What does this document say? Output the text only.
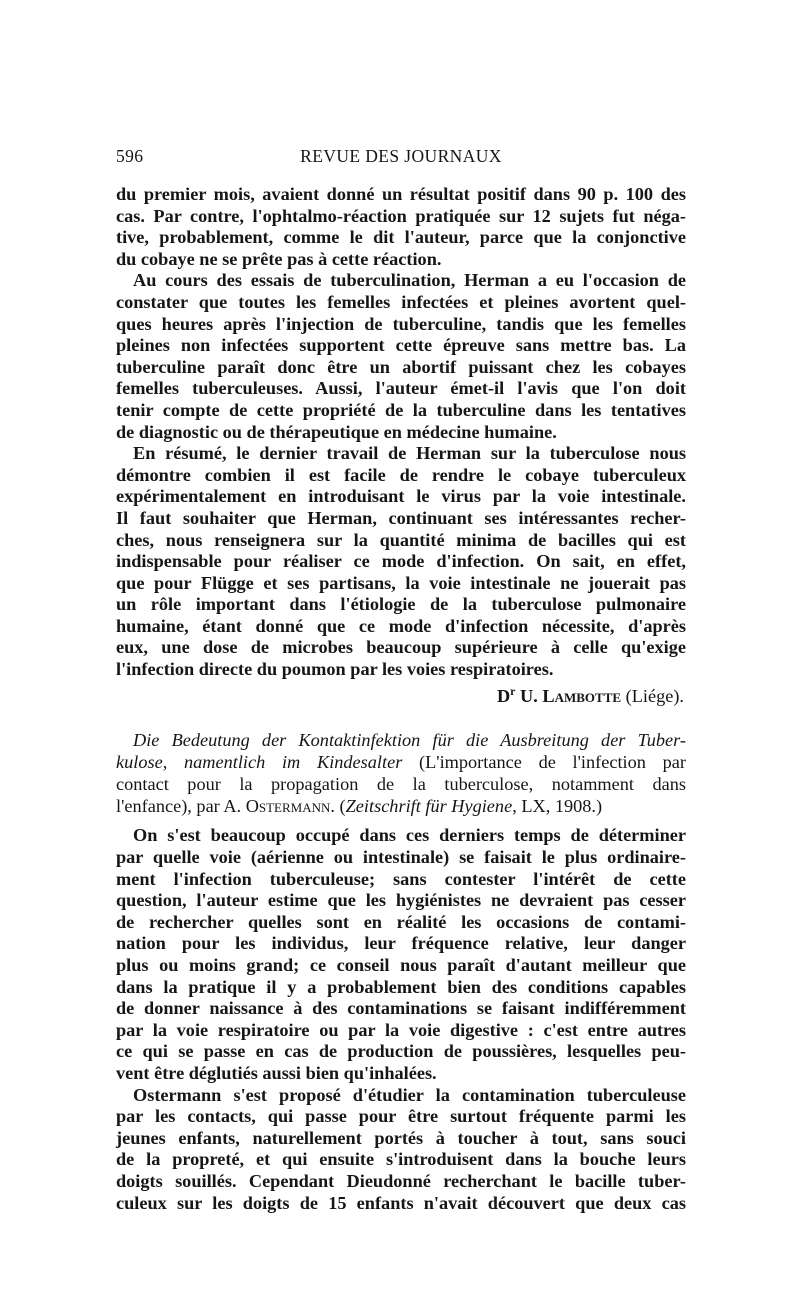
596	REVUE DES JOURNAUX
du premier mois, avaient donné un résultat positif dans 90 p. 100 des
cas. Par contre, l'ophtalmo-réaction pratiquée sur 12 sujets fut néga-
tive, probablement, comme le dit l'auteur, parce que la conjonctive
du cobaye ne se prête pas à cette réaction.
Au cours des essais de tuberculination, Herman a eu l'occasion de
constater que toutes les femelles infectées et pleines avortent quel-
ques heures après l'injection de tuberculine, tandis que les femelles
pleines non infectées supportent cette épreuve sans mettre bas. La
tuberculine paraît donc être un abortif puissant chez les cobayes
femelles tuberculeuses. Aussi, l'auteur émet-il l'avis que l'on doit
tenir compte de cette propriété de la tuberculine dans les tentatives
de diagnostic ou de thérapeutique en médecine humaine.
En résumé, le dernier travail de Herman sur la tuberculose nous
démontre combien il est facile de rendre le cobaye tuberculeux
expérimentalement en introduisant le virus par la voie intestinale.
Il faut souhaiter que Herman, continuant ses intéressantes recher-
ches, nous renseignera sur la quantité minima de bacilles qui est
indispensable pour réaliser ce mode d'infection. On sait, en effet,
que pour Flügge et ses partisans, la voie intestinale ne jouerait pas
un rôle important dans l'étiologie de la tuberculose pulmonaire
humaine, étant donné que ce mode d'infection nécessite, d'après
eux, une dose de microbes beaucoup supérieure à celle qu'exige
l'infection directe du poumon par les voies respiratoires.
$D^r$ U. Lambotte (Liége).
Die Bedeutung der Kontaktinfektion für die Ausbreitung der Tuber-
kulose, namentlich im Kindesalter (L'importance de l'infection par
contact pour la propagation de la tuberculose, notamment dans
l'enfance), par A. Ostermann. (Zeitschrift für Hygiene, LX, 1908.)
On s'est beaucoup occupé dans ces derniers temps de déterminer
par quelle voie (aérienne ou intestinale) se faisait le plus ordinaire-
ment l'infection tuberculeuse; sans contester l'intérêt de cette
question, l'auteur estime que les hygiénistes ne devraient pas cesser
de rechercher quelles sont en réalité les occasions de contami-
nation pour les individus, leur fréquence relative, leur danger
plus ou moins grand; ce conseil nous paraît d'autant meilleur que
dans la pratique il y a probablement bien des conditions capables
de donner naissance à des contaminations se faisant indifféremment
par la voie respiratoire ou par la voie digestive : c'est entre autres
ce qui se passe en cas de production de poussières, lesquelles peu-
vent être déglutiés aussi bien qu'inhalées.
Ostermann s'est proposé d'étudier la contamination tuberculeuse
par les contacts, qui passe pour être surtout fréquente parmi les
jeunes enfants, naturellement portés à toucher à tout, sans souci
de la propreté, et qui ensuite s'introduisent dans la bouche leurs
doigts souillés. Cependant Dieudonné recherchant le bacille tuber-
culeux sur les doigts de 15 enfants n'avait découvert que deux cas
